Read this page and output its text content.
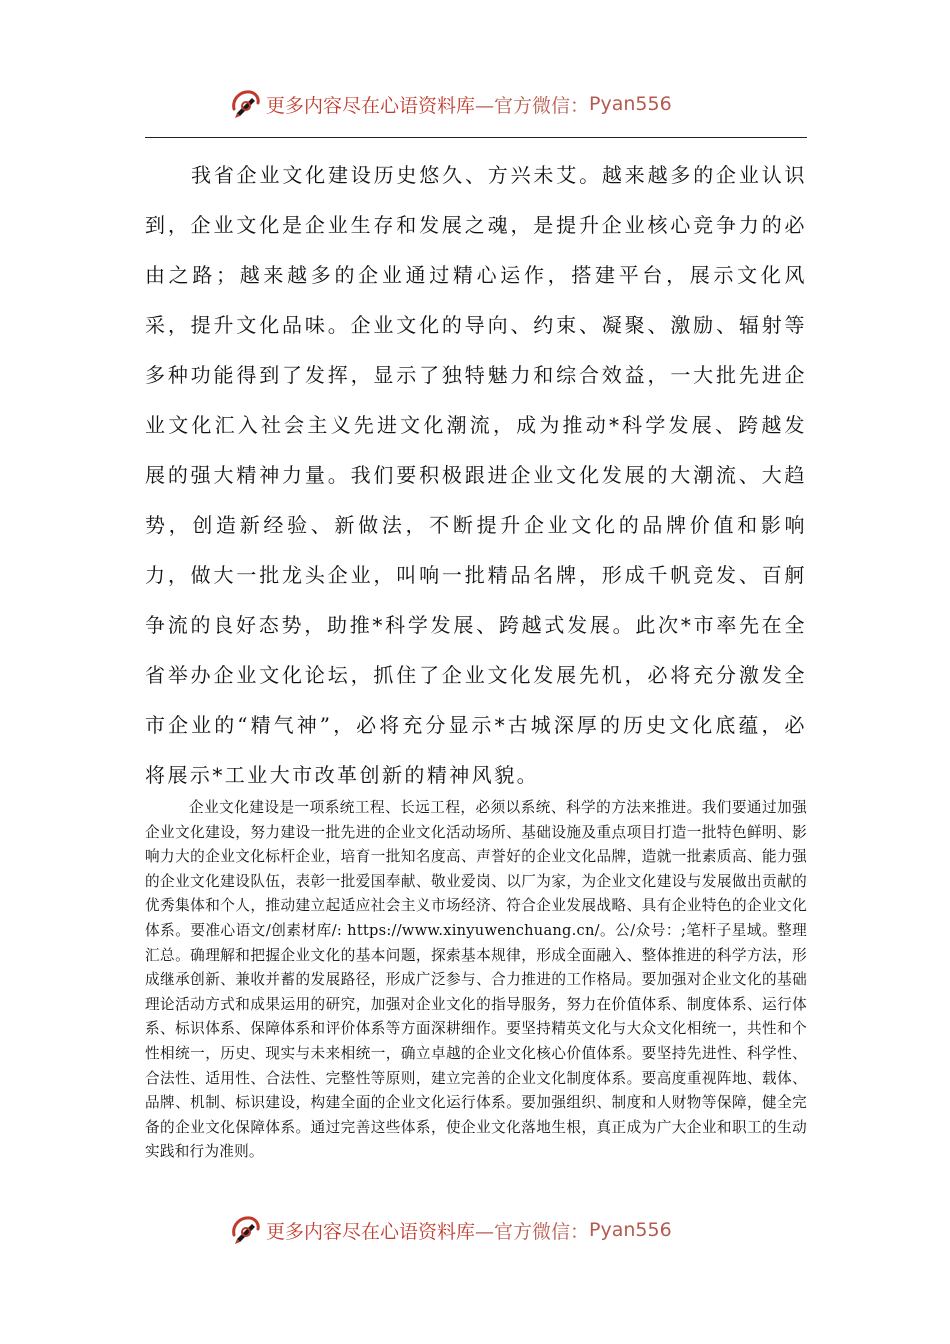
更多内容尽在心语资料库 —官方微信： Pyan556

我省企业文化建设历史悠久、方兴未艾。越来越多的企业认识到，企业文化是企业生存和发展之魂，是提升企业核心竞争力的必由之路；越来越多的企业通过精心运作，搭建平台，展示文化风采，提升文化品味。企业文化的导向、约束、凝聚、激励、辐射等多种功能得到了发挥，显示了独特魅力和综合效益，一大批先进企业文化汇入社会主义先进文化潮流，成为推动*科学发展、跨越发展的强大精神力量。我们要积极跟进企业文化发展的大潮流、大趋势，创造新经验、新做法，不断提升企业文化的品牌价值和影响力，做大一批龙头企业，叫响一批精品名牌，形成千帆竞发、百舸争流的良好态势，助推*科学发展、跨越式发展。此次*市率先在全省举办企业文化论坛，抓住了企业文化发展先机，必将充分激发全市企业的“精气神”，必将充分显示*古城深厚的历史文化底蕴，必将展示*工业大市改革创新的精神风貌。

企业文化建设是一项系统工程、长远工程，必须以系统、科学的方法来推进。我们要通过加强企业文化建设，努力建设一批先进的企业文化活动场所、基础设施及重点项目打造一批特色鲜明、影响力大的企业文化标杆企业，培育一批知名度高、声誉好的企业文化品牌，造就一批素质高、能力强的企业文化建设队伍，表彰一批爱国奉献、敬业爱岗、以厂为家，为企业文化建设与发展做出贡献的优秀集体和个人，推动建立起适应社会主义市场经济、符合企业发展战略、具有企业特色的企业文化体系。要准心语文/创素材库/: https://www.xinyuwenchuang.cn/。公/众号：;笔杆子星域。整理汇总。确理解和把握企业文化的基本问题，探索基本规律，形成全面融入、整体推进的科学方法，形成继承创新、兼收并蓄的发展路径，形成广泛参与、合力推进的工作格局。要加强对企业文化的基础理论活动方式和成果运用的研究，加强对企业文化的指导服务，努力在价值体系、制度体系、运行体系、标识体系、保障体系和评价体系等方面深耕细作。要坚持精英文化与大众文化相统一，共性和个性相统一，历史、现实与未来相统一，确立卓越的企业文化核心价值体系。要坚持先进性、科学性、合法性、适用性、合法性、完整性等原则，建立完善的企业文化制度体系。要高度重视阵地、载体、品牌、机制、标识建设，构建全面的企业文化运行体系。要加强组织、制度和人财物等保障，健全完备的企业文化保障体系。通过完善这些体系，使企业文化落地生根，真正成为广大企业和职工的生动实践和行为准则。

更多内容尽在心语资料库 —官方微信： Pyan556
